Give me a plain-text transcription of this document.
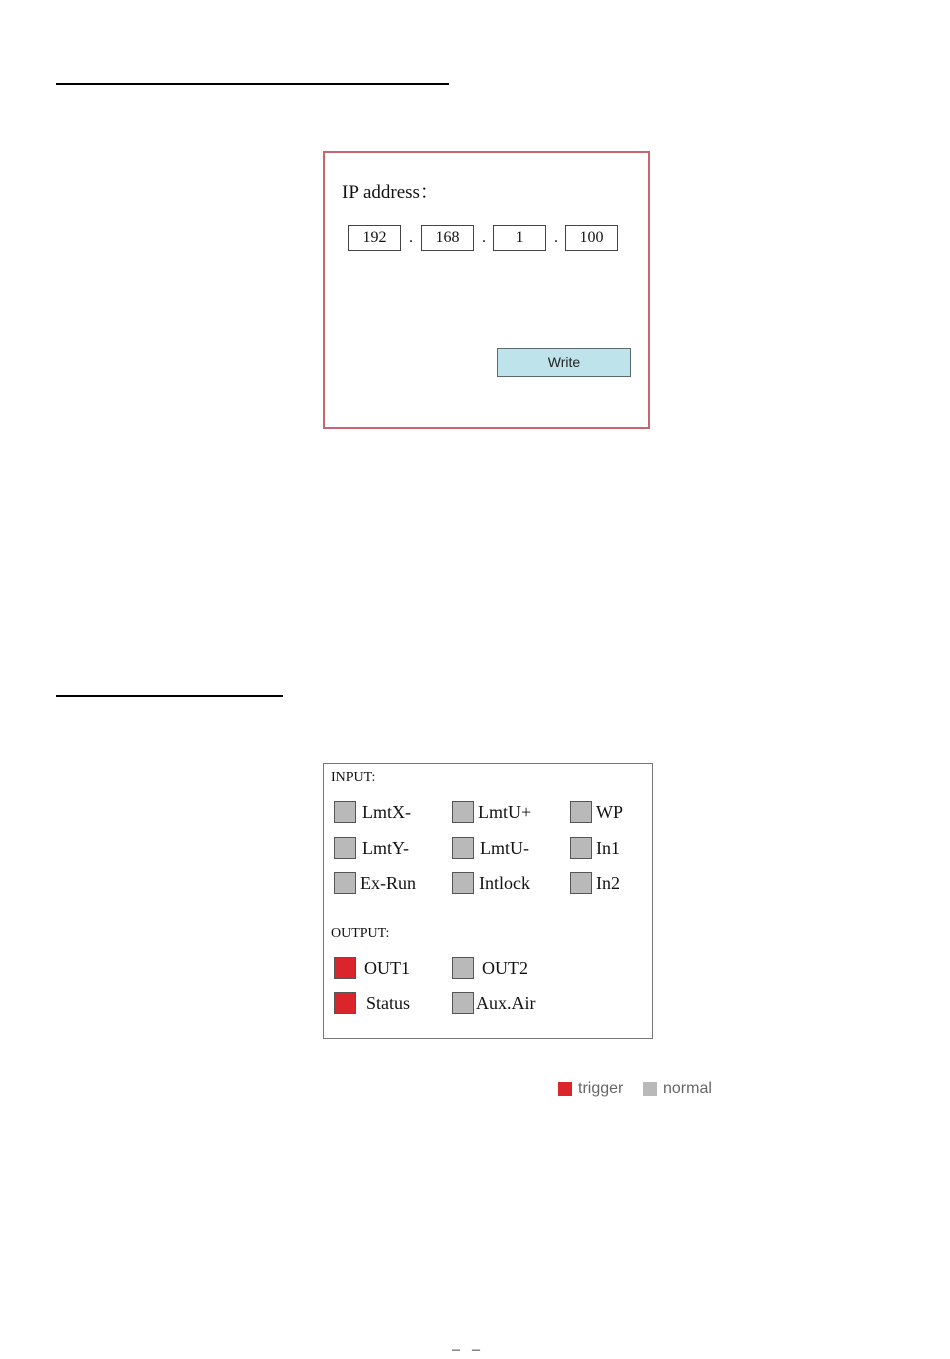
IP address：
192
.
168	.
1	.
100
Write
INPUT:
LmtX-	LmtU+	WP
LmtY-	LmtU-	In1
Ex-Run	Intlock	In2
OUTPUT:
OUT1	OUT2
Status	Aux.Air
trigger normal
– –
